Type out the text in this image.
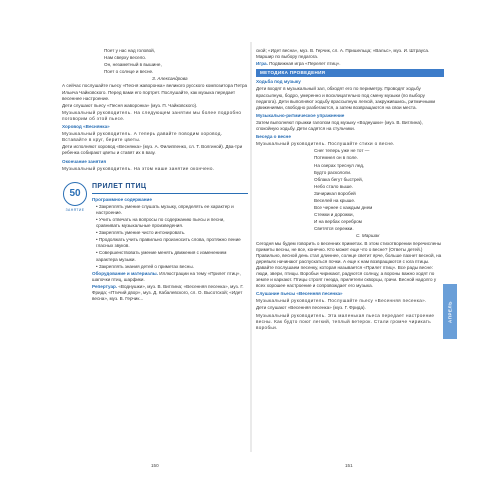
Поет у нас над головой,

Нам сверху весело.

Он, незаметный в вышине,

Поет о солнце и весне.

З. Александрова

А сейчас послушайте пьесу «Песня жаворонка» великого русского композитора Петра Ильича Чайковского. Перед вами его портрет. Послушайте, как музыка передает весеннее настроение.

Дети слушают пьесу «Песня жаворонка» (муз. П. Чайковского).

Музыкальный руководитель. На следующем занятии мы более подробно поговорим об этой пьесе.

Хоровод «Веснянка»

Музыкальный руководитель. А теперь давайте поводим хоровод. Вставайте в круг, берите цветы.

Дети исполняют хоровод «Веснянка» (муз. А. Филиппенко, сл. Т. Волгиной). Два-три ребенка собирают цветы и ставят их в вазу.

Окончание занятия

Музыкальный руководитель. На этом наше занятие окончено.

50
ЗАНЯТИЕ
ПРИЛЕТ ПТИЦ

Программное содержание

• Закреплять умение слушать музыку, определять ее характер и настроение.

• Учить отвечать на вопросы по содержанию пьесы и песни, сравнивать музыкальные произведения.

• Закреплять умение чисто интонировать.

• Продолжать учить правильно произносить слова, протяжно пение гласных звуков.

• Совершенствовать умение менять движения с изменением характера музыки.

• Закреплять знания детей о приметах весны.

Оборудование и материалы. Иллюстрации на тему «Прилет птиц», шапочки птиц, шарфики.

Репертуар. «Воднушки», муз. В. Витлина; «Весенняя песенка», муз. Г. Фрида; «Птичий двор», муз. Д. Кабалевского, сл. О. Высотской; «Идет весна», муз. В. Герчик...

150

ской; «Идет весна», муз. В. Герчик, сл. А. Пришельца; «Вальс», муз. И. Штрауса. Маршир по выбору педагога.

Игра. Подвижная игра «Перелет птиц».

МЕТОДИКА ПРОВЕДЕНИЯ

Ходьба под музыку

Дети входят в музыкальный зал, обходят его по периметру. Проводят ходьбу врассыпную, бодро, умеренно и восклицательно под смену музыки (по выбору педагога). Дети выполняют ходьбу врассыпную легкой, закружившись, ритмичными движениями, свободно разбегаются, а затем возвращаются на свои места.

Музыкально-ритмическое упражнение

Затем выполняют прыжки галопом под музыку «Воднушки» (муз. В. Витлина), спокойную ходьбу. Дети садятся на стульчики.

Беседа о весне

Музыкальный руководитель. Послушайте стихи о весне.

Снег теперь уже не тот —

Потемнел он в поле.

На озерах треснул лед,

Будто раскололи.

Облака бегут быстрей,

Небо стало выше.

Зачирикал воробей

Веселей на крыше.

Все чернее с каждым днем

Стежки и дорожки,

И на вербах серебром

Светятся сережки.

С. Маршак

Сегодня мы будем говорить о весенних приметах. В этом стихотворении перечислены приметы весны, не все, конечно. Кто может еще что о весне? (Ответы детей.) Правильно, весной день стал длиннее, солнце светит ярче, больше пахнет весной, на деревьях начинают распускаться почки. А еще к нам возвращаются с юга птицы. Давайте послушаем песенку, которая называется «Прилет птиц». Все рады весне: люди, звери, птицы. Воробьи чирикают, радуются солнцу, а вороны важно ходят по земле и каркают. Птицы строят гнезда, прилетели скворцы, грачи. Весной надолго у всех хорошее настроение и сопровождает его музыка.

Слушание пьесы «Весенняя песенка»

Музыкальный руководитель. Послушайте пьесу «Весенняя песенка».

Дети слушают «Весенняя песенка» (муз. Г. Фрида).

Музыкальный руководитель. Эта маленькая пьеса передает настроение весны. Как будто поют легкий, теплый ветерок. Стали громче чирикать воробьи.

151
АПРЕЛЬ
